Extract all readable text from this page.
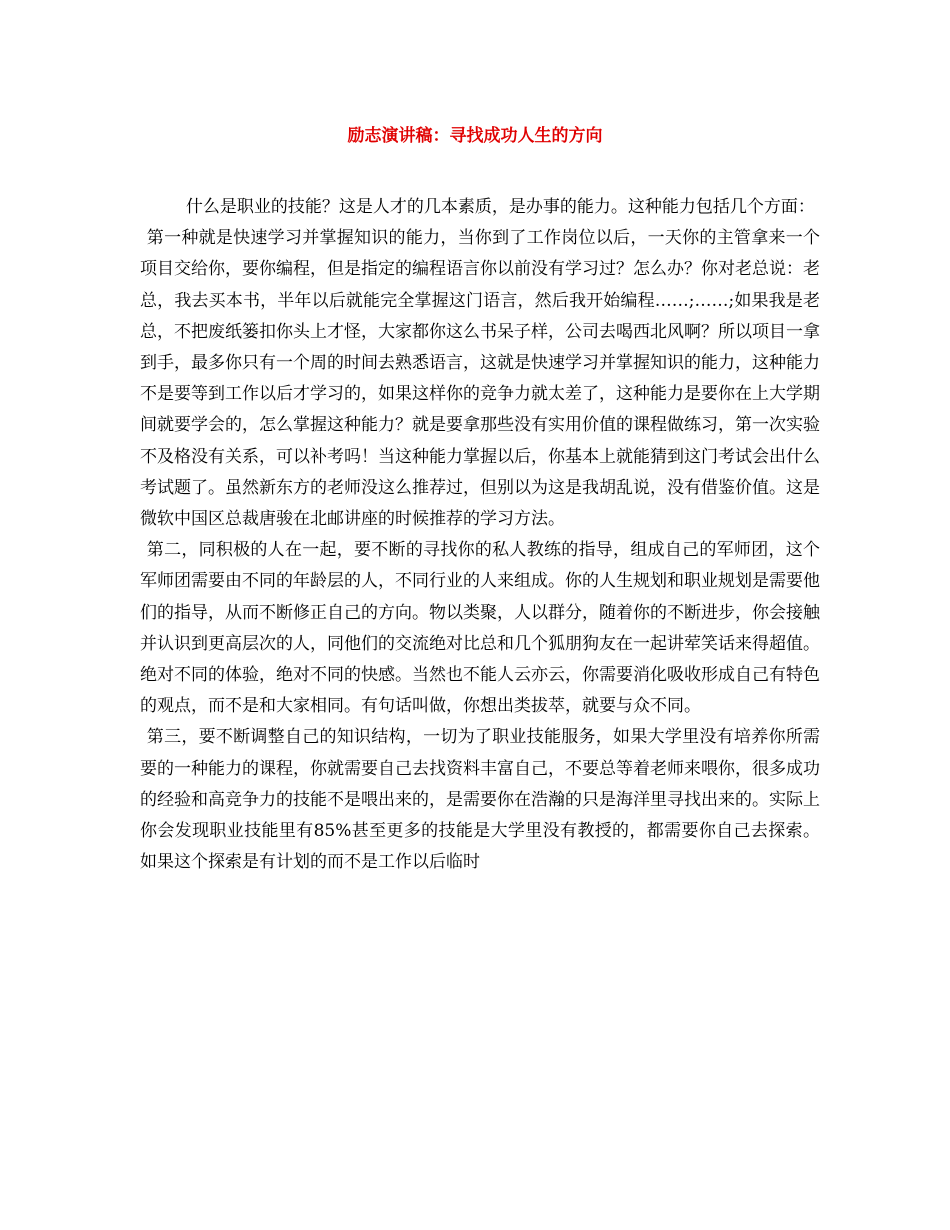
励志演讲稿：寻找成功人生的方向

什么是职业的技能？这是人才的几本素质，是办事的能力。这种能力包括几个方面：

第一种就是快速学习并掌握知识的能力，当你到了工作岗位以后，一天你的主管拿来一个项目交给你，要你编程，但是指定的编程语言你以前没有学习过？怎么办？你对老总说：老总，我去买本书，半年以后就能完全掌握这门语言，然后我开始编程……;……;如果我是老总，不把废纸篓扣你头上才怪，大家都你这么书呆子样，公司去喝西北风啊？所以项目一拿到手，最多你只有一个周的时间去熟悉语言，这就是快速学习并掌握知识的能力，这种能力不是要等到工作以后才学习的，如果这样你的竞争力就太差了，这种能力是要你在上大学期间就要学会的，怎么掌握这种能力？就是要拿那些没有实用价值的课程做练习，第一次实验不及格没有关系，可以补考吗！当这种能力掌握以后，你基本上就能猜到这门考试会出什么考试题了。虽然新东方的老师没这么推荐过，但别以为这是我胡乱说，没有借鉴价值。这是微软中国区总裁唐骏在北邮讲座的时候推荐的学习方法。

第二，同积极的人在一起，要不断的寻找你的私人教练的指导，组成自己的军师团，这个军师团需要由不同的年龄层的人，不同行业的人来组成。你的人生规划和职业规划是需要他们的指导，从而不断修正自己的方向。物以类聚，人以群分，随着你的不断进步，你会接触并认识到更高层次的人，同他们的交流绝对比总和几个狐朋狗友在一起讲荤笑话来得超值。绝对不同的体验，绝对不同的快感。当然也不能人云亦云，你需要消化吸收形成自己有特色的观点，而不是和大家相同。有句话叫做，你想出类拔萃，就要与众不同。

第三，要不断调整自己的知识结构，一切为了职业技能服务，如果大学里没有培养你所需要的一种能力的课程，你就需要自己去找资料丰富自己，不要总等着老师来喂你，很多成功的经验和高竞争力的技能不是喂出来的，是需要你在浩瀚的只是海洋里寻找出来的。实际上你会发现职业技能里有85%甚至更多的技能是大学里没有教授的，都需要你自己去探索。如果这个探索是有计划的而不是工作以后临时
